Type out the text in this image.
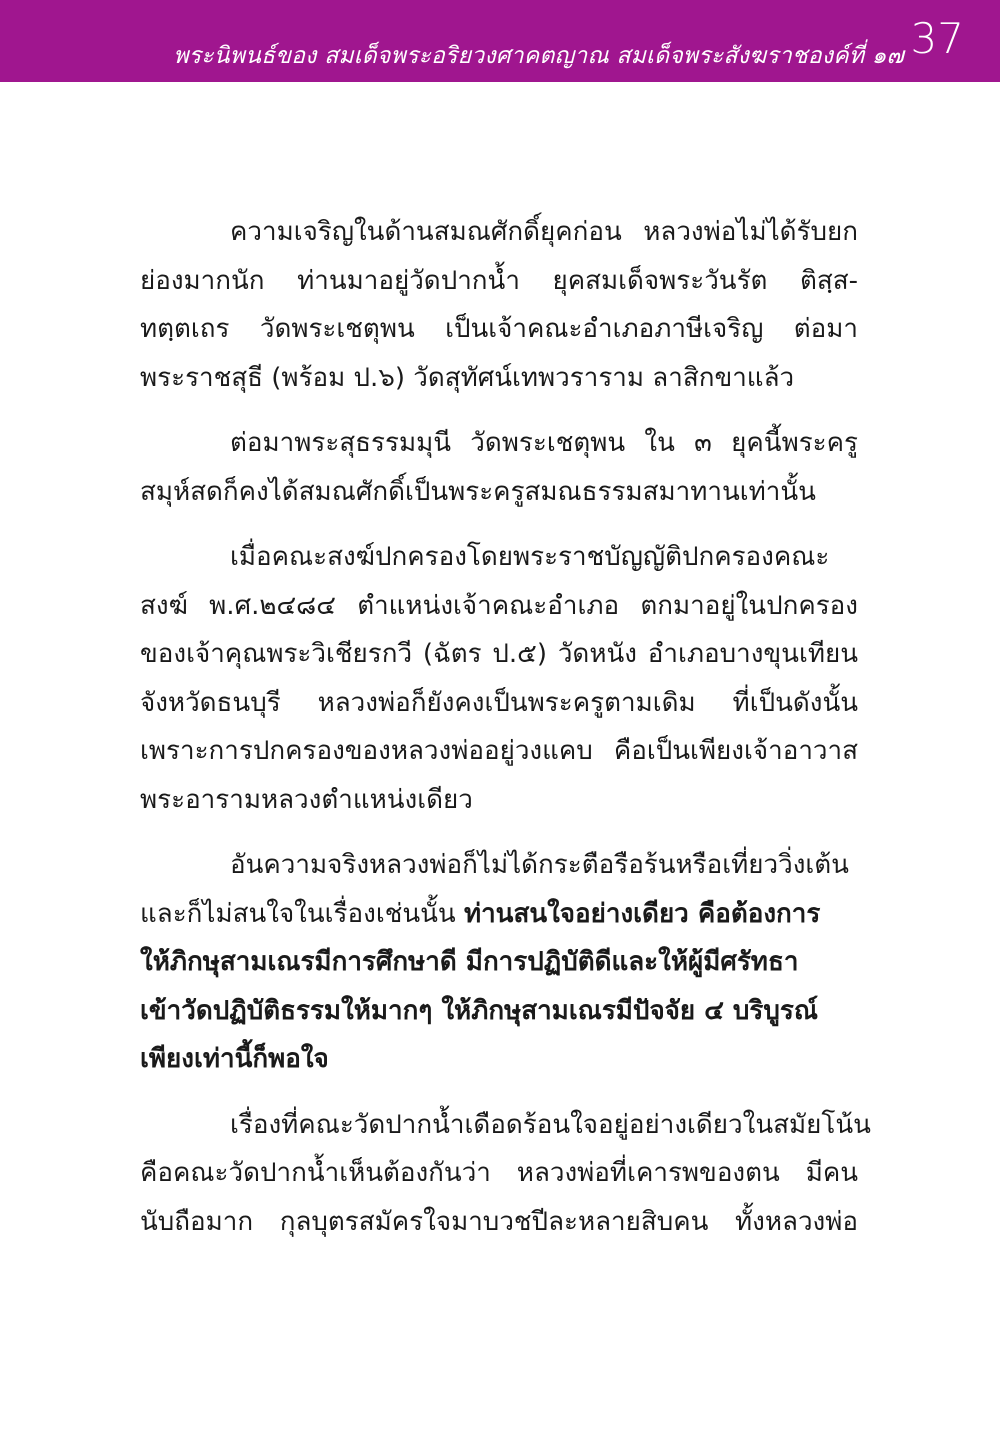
พระนิพนธ์ของ สมเด็จพระอริยวงศาคตญาณ สมเด็จพระสังฆราชองค์ที่ ๑๗ 37
ความเจริญในด้านสมณศักดิ์ยุคก่อน หลวงพ่อไม่ได้รับยก
ย่องมากนัก ท่านมาอยู่วัดปากน้ำ ยุคสมเด็จพระวันรัต ติสฺส-
ทตฺตเถร วัดพระเชตุพน เป็นเจ้าคณะอำเภอภาษีเจริญ ต่อมา
พระราชสุธี (พร้อม ป.๖) วัดสุทัศน์เทพวราราม ลาสิกขาแล้ว
ต่อมาพระสุธรรมมุนี วัดพระเชตุพน ใน ๓ ยุคนี้พระครู
สมุห์สดก็คงได้สมณศักดิ์เป็นพระครูสมณธรรมสมาทานเท่านั้น
เมื่อคณะสงฆ์ปกครองโดยพระราชบัญญัติปกครองคณะ
สงฆ์ พ.ศ.๒๔๘๔ ตำแหน่งเจ้าคณะอำเภอ ตกมาอยู่ในปกครอง
ของเจ้าคุณพระวิเชียรกวี (ฉัตร ป.๕) วัดหนัง อำเภอบางขุนเทียน
จังหวัดธนบุรี หลวงพ่อก็ยังคงเป็นพระครูตามเดิม ที่เป็นดังนั้น
เพราะการปกครองของหลวงพ่ออยู่วงแคบ คือเป็นเพียงเจ้าอาวาส
พระอารามหลวงตำแหน่งเดียว
อันความจริงหลวงพ่อก็ไม่ได้กระตือรือร้นหรือเที่ยววิ่งเต้น
และก็ไม่สนใจในเรื่องเช่นนั้น ท่านสนใจอย่างเดียว คือต้องการ
ให้ภิกษุสามเณรมีการศึกษาดี มีการปฏิบัติดีและให้ผู้มีศรัทธา
เข้าวัดปฏิบัติธรรมให้มากๆ ให้ภิกษุสามเณรมีปัจจัย ๔ บริบูรณ์
เพียงเท่านี้ก็พอใจ
เรื่องที่คณะวัดปากน้ำเดือดร้อนใจอยู่อย่างเดียวในสมัยโน้น
คือคณะวัดปากน้ำเห็นต้องกันว่า หลวงพ่อที่เคารพของตน มีคน
นับถือมาก กุลบุตรสมัครใจมาบวชปีละหลายสิบคน ทั้งหลวงพ่อ
